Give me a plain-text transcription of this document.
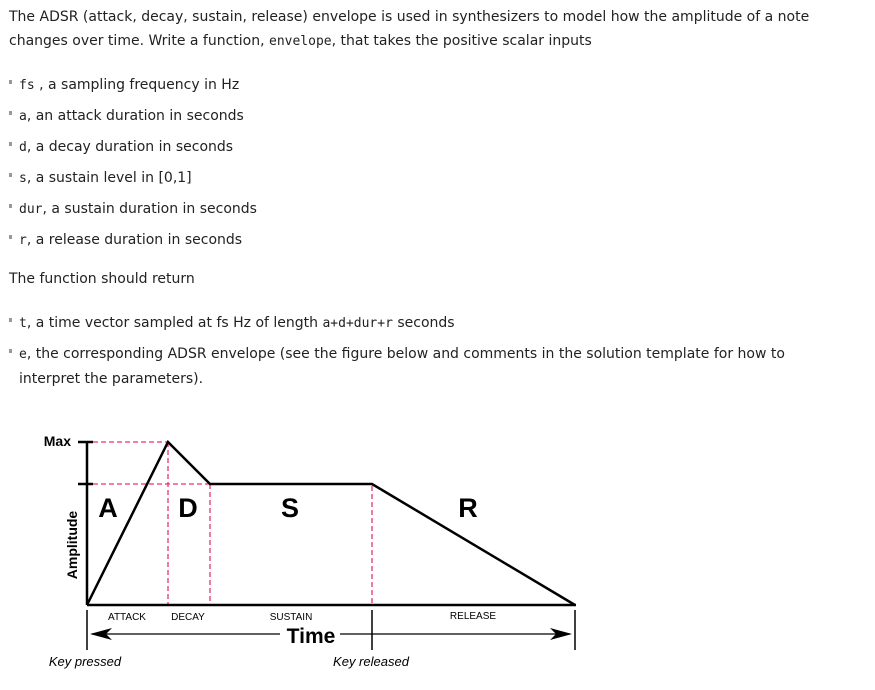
The ADSR (attack, decay, sustain, release) envelope is used in synthesizers to model how the amplitude of a note changes over time. Write a function, envelope, that takes the positive scalar inputs
fs , a sampling frequency in Hz
a, an attack duration in seconds
d, a decay duration in seconds
s, a sustain level in [0,1]
dur, a sustain duration in seconds
r, a release duration in seconds
The function should return
t, a time vector sampled at fs Hz of length a+d+dur+r seconds
e, the corresponding ADSR envelope (see the figure below and comments in the solution template for how to interpret the parameters).
Max
Amplitude
A D	S	R
ATTACK	DECAY	SUSTAIN	RELEASE
Time
Key pressed	Key released
